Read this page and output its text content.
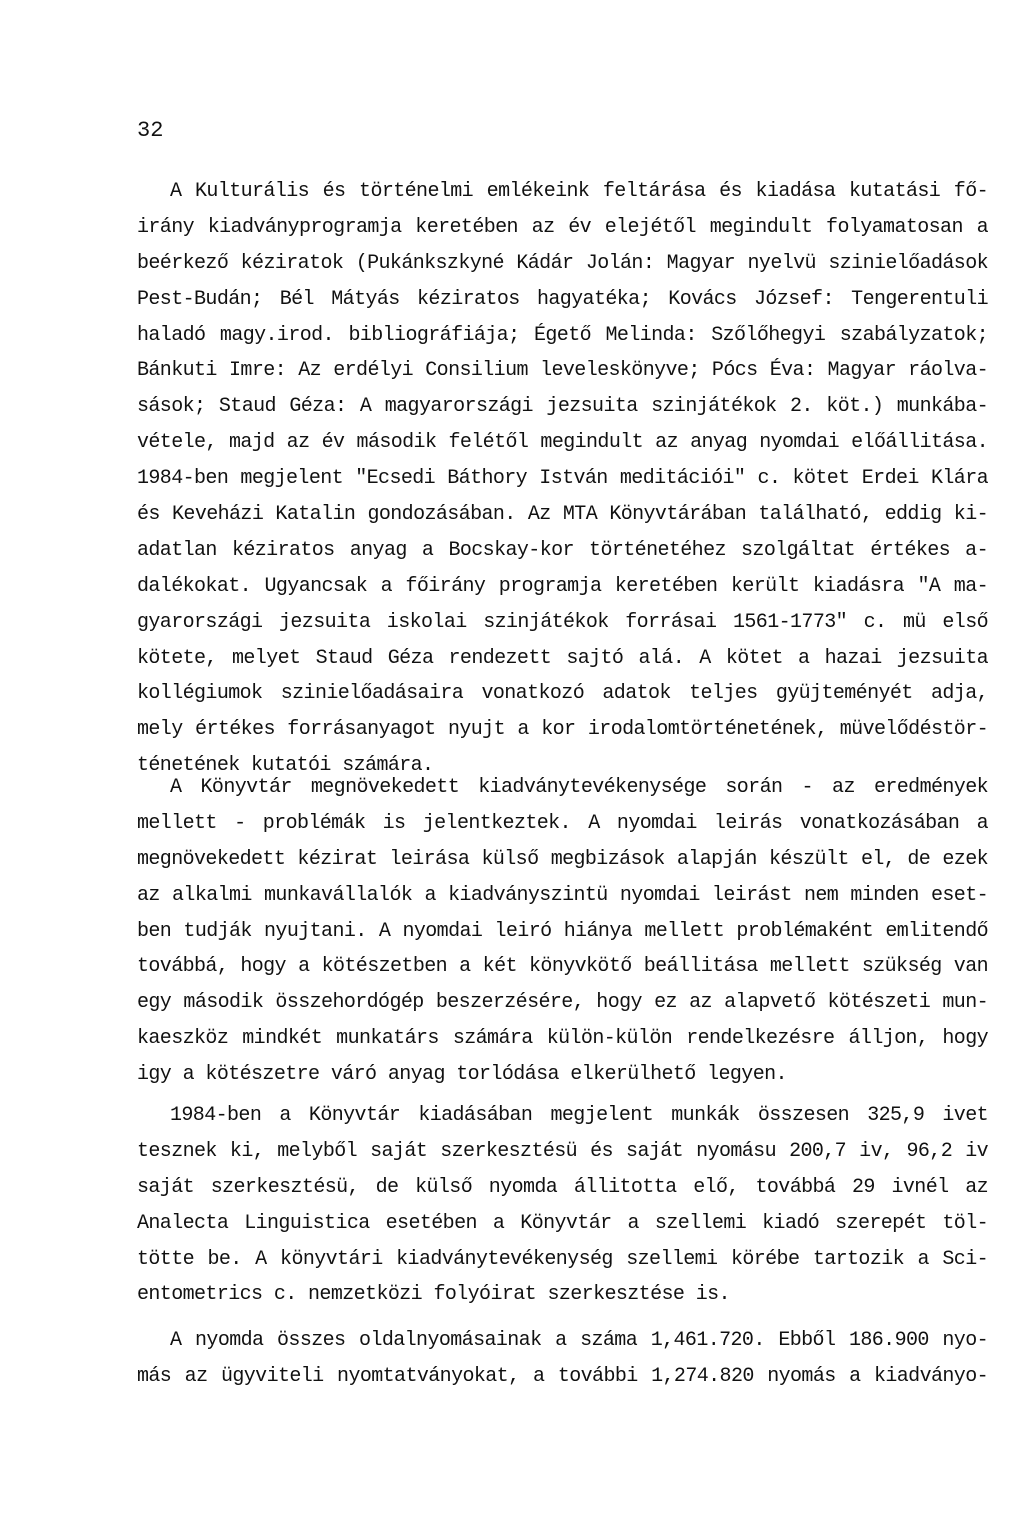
32
A Kulturális és történelmi emlékeink feltárása és kiadása kutatási fő-
irány kiadványprogramja keretében az év elejétől megindult folyamatosan a
beérkező kéziratok (Pukánkszkyné Kádár Jolán: Magyar nyelvü szinielőadások
Pest-Budán; Bél Mátyás kéziratos hagyatéka; Kovács József: Tengerentuli
haladó magy.irod. bibliográfiája; Égető Melinda: Szőlőhegyi szabályzatok;
Bánkuti Imre: Az erdélyi Consilium leveleskönyve; Pócs Éva: Magyar ráolva-
sások; Staud Géza: A magyarországi jezsuita szinjátékok 2. köt.) munkába-
vétele, majd az év második felétől megindult az anyag nyomdai előállitása.
1984-ben megjelent "Ecsedi Báthory István meditációi" c. kötet Erdei Klára
és Keveházi Katalin gondozásában. Az MTA Könyvtárában található, eddig ki-
adatlan kéziratos anyag a Bocskay-kor történetéhez szolgáltat értékes a-
dalékokat. Ugyancsak a főirány programja keretében került kiadásra "A ma-
gyarországi jezsuita iskolai szinjátékok forrásai 1561-1773" c. mü első
kötete, melyet Staud Géza rendezett sajtó alá. A kötet a hazai jezsuita
kollégiumok szinielőadásaira vonatkozó adatok teljes gyüjteményét adja,
mely értékes forrásanyagot nyujt a kor irodalomtörténetének, müvelődéstör-
ténetének kutatói számára.
A Könyvtár megnövekedett kiadványtevékenysége során - az eredmények
mellett - problémák is jelentkeztek. A nyomdai leirás vonatkozásában a
megnövekedett kézirat leirása külső megbizások alapján készült el, de ezek
az alkalmi munkavállalók a kiadványszintü nyomdai leirást nem minden eset-
ben tudják nyujtani. A nyomdai leiró hiánya mellett problémaként emlitendő
továbbá, hogy a kötészetben a két könyvkötő beállitása mellett szükség van
egy második összehordógép beszerzésére, hogy ez az alapvető kötészeti mun-
kaeszköz mindkét munkatárs számára külön-külön rendelkezésre álljon, hogy
igy a kötészetre váró anyag torlódása elkerülhető legyen.
1984-ben a Könyvtár kiadásában megjelent munkák összesen 325,9 ivet
tesznek ki, melyből saját szerkesztésü és saját nyomásu 200,7 iv, 96,2 iv
saját szerkesztésü, de külső nyomda állitotta elő, továbbá 29 ivnél az
Analecta Linguistica esetében a Könyvtár a szellemi kiadó szerepét töl-
tötte be. A könyvtári kiadványtevékenység szellemi körébe tartozik a Sci-
entometrics c. nemzetközi folyóirat szerkesztése is.
A nyomda összes oldalnyomásainak a száma 1,461.720. Ebből 186.900 nyo-
más az ügyviteli nyomtatványokat, a további 1,274.820 nyomás a kiadványo-
